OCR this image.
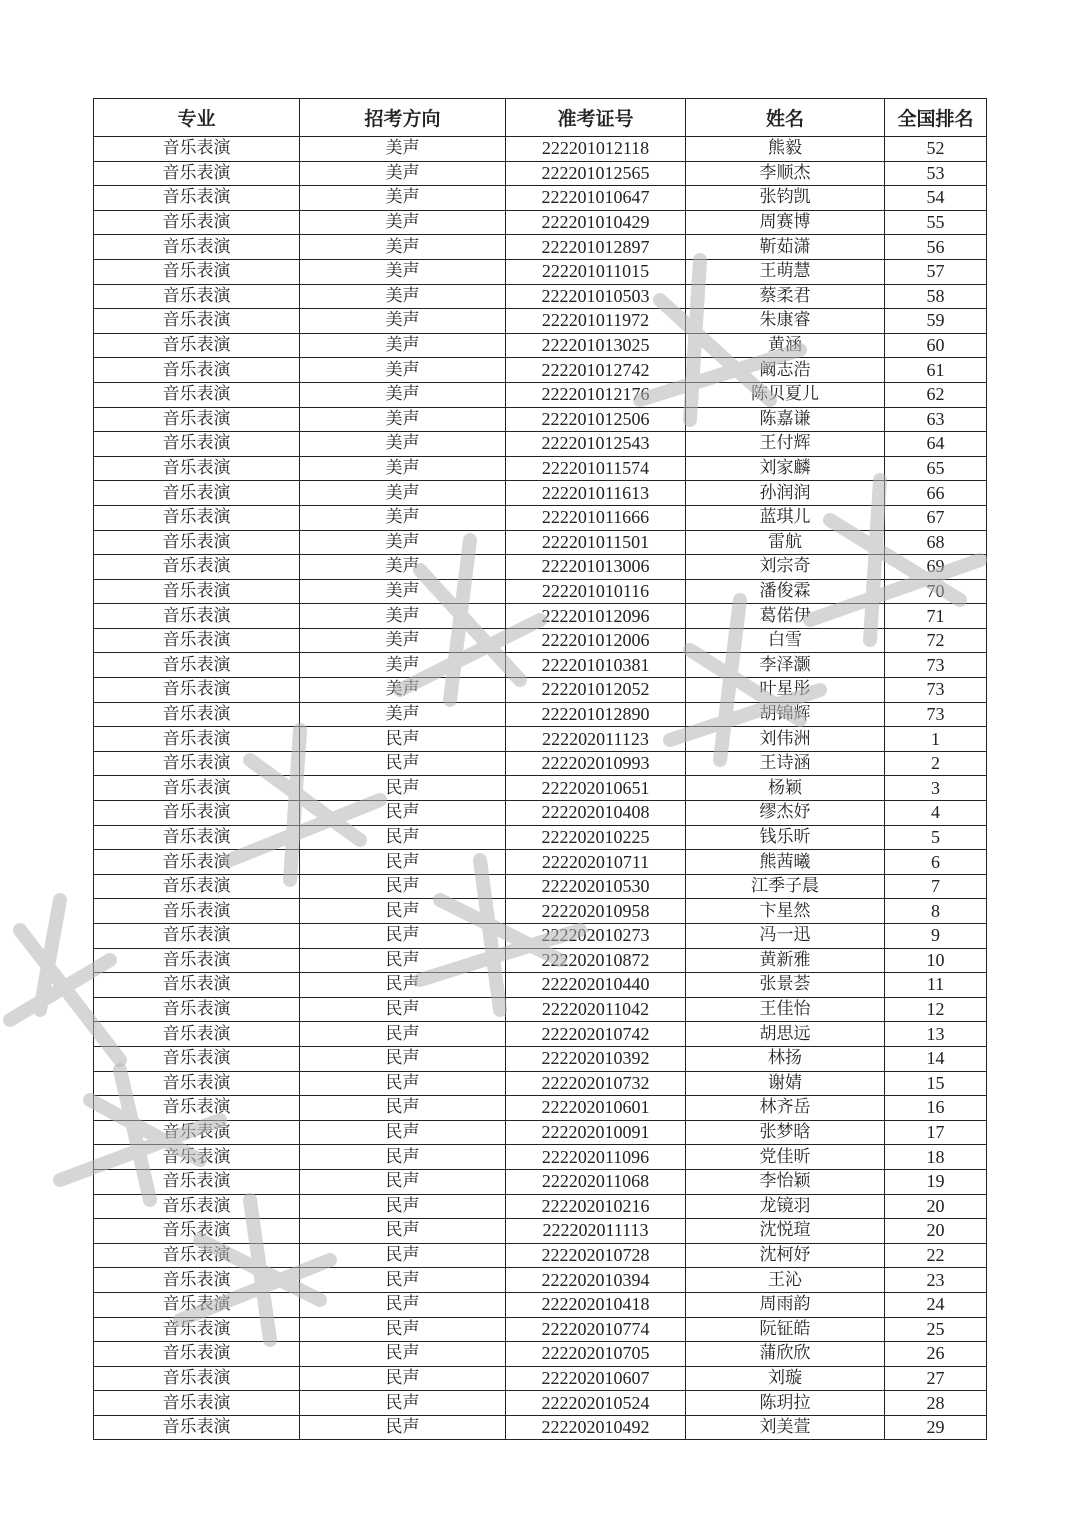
专业	招考方向	准考证号	姓名	全国排名
音乐表演	美声	222201012118	熊毅	52
音乐表演	美声	222201012565	李顺杰	53
音乐表演	美声	222201010647	张钧凯	54
音乐表演	美声	222201010429	周赛博	55
音乐表演	美声	222201012897	靳茹潇	56
音乐表演	美声	222201011015	王萌慧	57
音乐表演	美声	222201010503	蔡柔君	58
音乐表演	美声	222201011972	朱康睿	59
音乐表演	美声	222201013025	黄涵	60
音乐表演	美声	222201012742	阚志浩	61
音乐表演	美声	222201012176	陈贝夏儿	62
音乐表演	美声	222201012506	陈嘉谦	63
音乐表演	美声	222201012543	王付辉	64
音乐表演	美声	222201011574	刘家麟	65
音乐表演	美声	222201011613	孙润润	66
音乐表演	美声	222201011666	蓝琪儿	67
音乐表演	美声	222201011501	雷航	68
音乐表演	美声	222201013006	刘宗奇	69
音乐表演	美声	222201010116	潘俊霖	70
音乐表演	美声	222201012096	葛偌伊	71
音乐表演	美声	222201012006	白雪	72
音乐表演	美声	222201010381	李泽灏	73
音乐表演	美声	222201012052	叶星彤	73
音乐表演	美声	222201012890	胡锦辉	73
音乐表演	民声	222202011123	刘伟洲	1
音乐表演	民声	222202010993	王诗涵	2
音乐表演	民声	222202010651	杨颖	3
音乐表演	民声	222202010408	缪杰妤	4
音乐表演	民声	222202010225	钱乐昕	5
音乐表演	民声	222202010711	熊茜曦	6
音乐表演	民声	222202010530	江季子晨	7
音乐表演	民声	222202010958	卞星然	8
音乐表演	民声	222202010273	冯一迅	9
音乐表演	民声	222202010872	黄新雅	10
音乐表演	民声	222202010440	张景荟	11
音乐表演	民声	222202011042	王佳怡	12
音乐表演	民声	222202010742	胡思远	13
音乐表演	民声	222202010392	林扬	14
音乐表演	民声	222202010732	谢婧	15
音乐表演	民声	222202010601	林齐岳	16
音乐表演	民声	222202010091	张梦晗	17
音乐表演	民声	222202011096	党佳昕	18
音乐表演	民声	222202011068	李怡颖	19
音乐表演	民声	222202010216	龙镜羽	20
音乐表演	民声	222202011113	沈悦瑄	20
音乐表演	民声	222202010728	沈柯妤	22
音乐表演	民声	222202010394	王沁	23
音乐表演	民声	222202010418	周雨韵	24
音乐表演	民声	222202010774	阮钲皓	25
音乐表演	民声	222202010705	蒲欣欣	26
音乐表演	民声	222202010607	刘璇	27
音乐表演	民声	222202010524	陈玥拉	28
音乐表演	民声	222202010492	刘美萱	29
